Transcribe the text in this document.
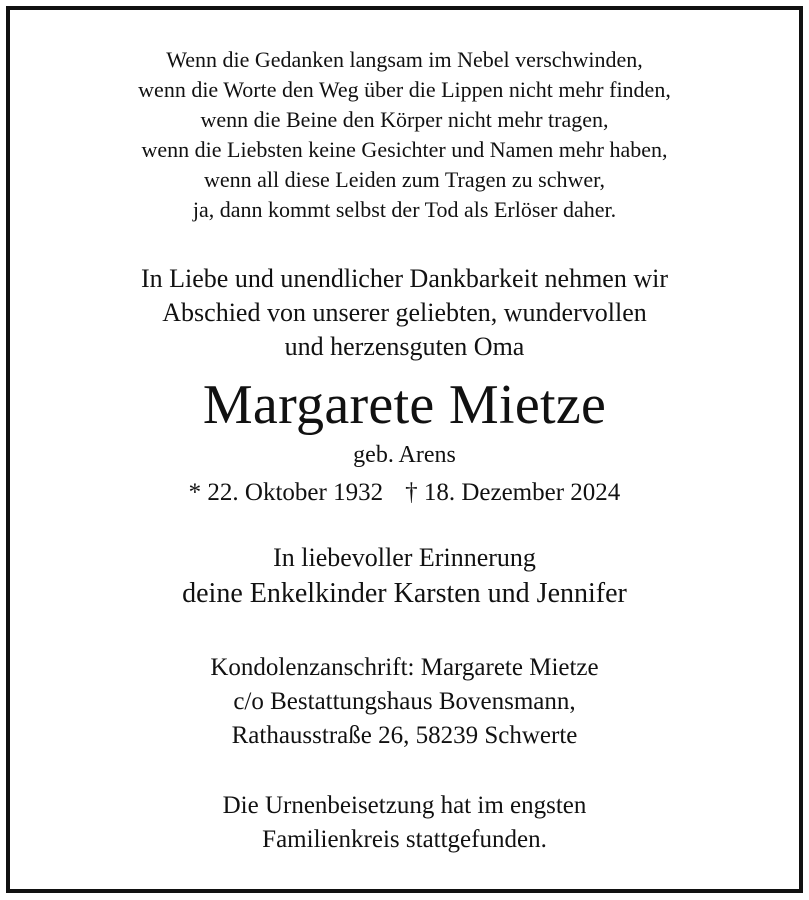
Wenn die Gedanken langsam im Nebel verschwinden,
wenn die Worte den Weg über die Lippen nicht mehr finden,
wenn die Beine den Körper nicht mehr tragen,
wenn die Liebsten keine Gesichter und Namen mehr haben,
wenn all diese Leiden zum Tragen zu schwer,
ja, dann kommt selbst der Tod als Erlöser daher.
In Liebe und unendlicher Dankbarkeit nehmen wir
Abschied von unserer geliebten, wundervollen
und herzensguten Oma
Margarete Mietze
geb. Arens
* 22. Oktober 1932 † 18. Dezember 2024
In liebevoller Erinnerung
deine Enkelkinder Karsten und Jennifer
Kondolenzanschrift: Margarete Mietze
c/o Bestattungshaus Bovensmann,
Rathausstraße 26, 58239 Schwerte
Die Urnenbeisetzung hat im engsten
Familienkreis stattgefunden.
